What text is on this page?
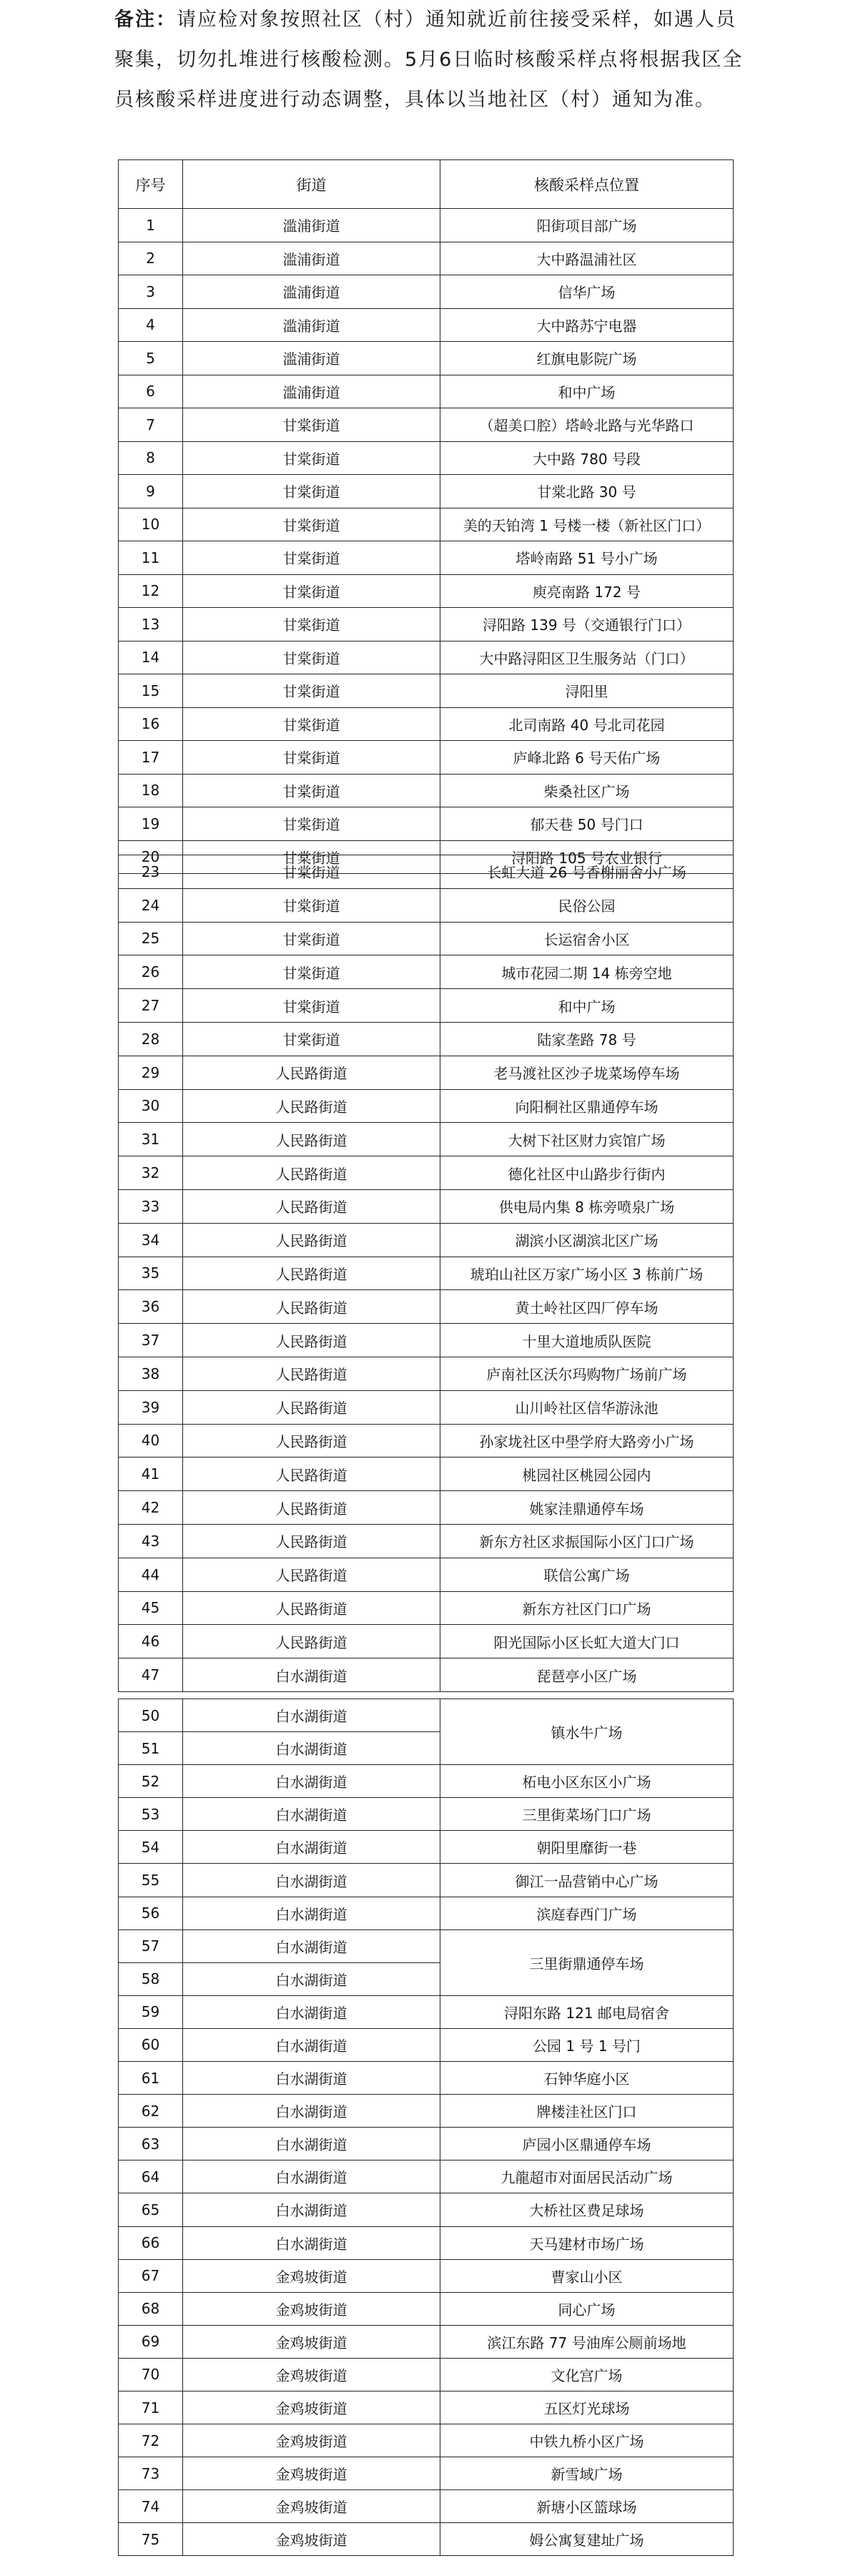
备注：请应检对象按照社区（村）通知就近前往接受采样，如遇人员聚集，切勿扎堆进行核酸检测。5月6日临时核酸采样点将根据我区全员核酸采样进度进行动态调整，具体以当地社区（村）通知为准。
序号	街道	核酸采样点位置
1	滥浦街道	阳街项目部广场
2	滥浦街道	大中路温浦社区
3	滥浦街道	信华广场
4	滥浦街道	大中路苏宁电器
5	滥浦街道	红旗电影院广场
6	滥浦街道	和中广场
7	甘棠街道	（超美口腔）塔岭北路与光华路口
8	甘棠街道	大中路 780 号段
9	甘棠街道	甘棠北路 30 号
10	甘棠街道	美的天铂湾 1 号楼一楼（新社区门口）
11	甘棠街道	塔岭南路 51 号小广场
12	甘棠街道	庾亮南路 172 号
13	甘棠街道	浔阳路 139 号（交通银行门口）
14	甘棠街道	大中路浔阳区卫生服务站（门口）
15	甘棠街道	浔阳里
16	甘棠街道	北司南路 40 号北司花园
17	甘棠街道	庐峰北路 6 号天佑广场
18	甘棠街道	柴桑社区广场
19	甘棠街道	郁天巷 50 号门口
20	甘棠街道	浔阳路 105 号农业银行
23	甘棠街道	长虹大道 26 号香榭丽舍小广场
24	甘棠街道	民俗公园
25	甘棠街道	长运宿舍小区
26	甘棠街道	城市花园二期 14 栋旁空地
27	甘棠街道	和中广场
28	甘棠街道	陆家垄路 78 号
29	人民路街道	老马渡社区沙子垅菜场停车场
30	人民路街道	向阳桐社区鼎通停车场
31	人民路街道	大树下社区财力宾馆广场
32	人民路街道	德化社区中山路步行街内
33	人民路街道	供电局内集 8 栋旁喷泉广场
34	人民路街道	湖滨小区湖滨北区广场
35	人民路街道	琥珀山社区万家广场小区 3 栋前广场
36	人民路街道	黄土岭社区四厂停车场
37	人民路街道	十里大道地质队医院
38	人民路街道	庐南社区沃尔玛购物广场前广场
39	人民路街道	山川岭社区信华游泳池
40	人民路街道	孙家垅社区中壆学府大路旁小广场
41	人民路街道	桃园社区桃园公园内
42	人民路街道	姚家洼鼎通停车场
43	人民路街道	新东方社区求振国际小区门口广场
44	人民路街道	联信公寓广场
45	人民路街道	新东方社区门口广场
46	人民路街道	阳光国际小区长虹大道大门口
47	白水湖街道	琵琶亭小区广场
50	白水湖街道	镇水牛广场
51	白水湖街道	
52	白水湖街道	柘电小区东区小广场
53	白水湖街道	三里街菜场门口广场
54	白水湖街道	朝阳里靡街一巷
55	白水湖街道	御江一品营销中心广场
56	白水湖街道	滨庭春西门广场
57	白水湖街道	三里街鼎通停车场
58	白水湖街道	
59	白水湖街道	浔阳东路 121 邮电局宿舍
60	白水湖街道	公园 1 号 1 号门
61	白水湖街道	石钟华庭小区
62	白水湖街道	牌楼洼社区门口
63	白水湖街道	庐园小区鼎通停车场
64	白水湖街道	九龍超市对面居民活动广场
65	白水湖街道	大桥社区费足球场
66	白水湖街道	天马建材市场广场
67	金鸡坡街道	曹家山小区
68	金鸡坡街道	同心广场
69	金鸡坡街道	滨江东路 77 号油库公厕前场地
70	金鸡坡街道	文化宫广场
71	金鸡坡街道	五区灯光球场
72	金鸡坡街道	中铁九桥小区广场
73	金鸡坡街道	新雪域广场
74	金鸡坡街道	新塘小区篮球场
75	金鸡坡街道	姆公寓复建址广场
